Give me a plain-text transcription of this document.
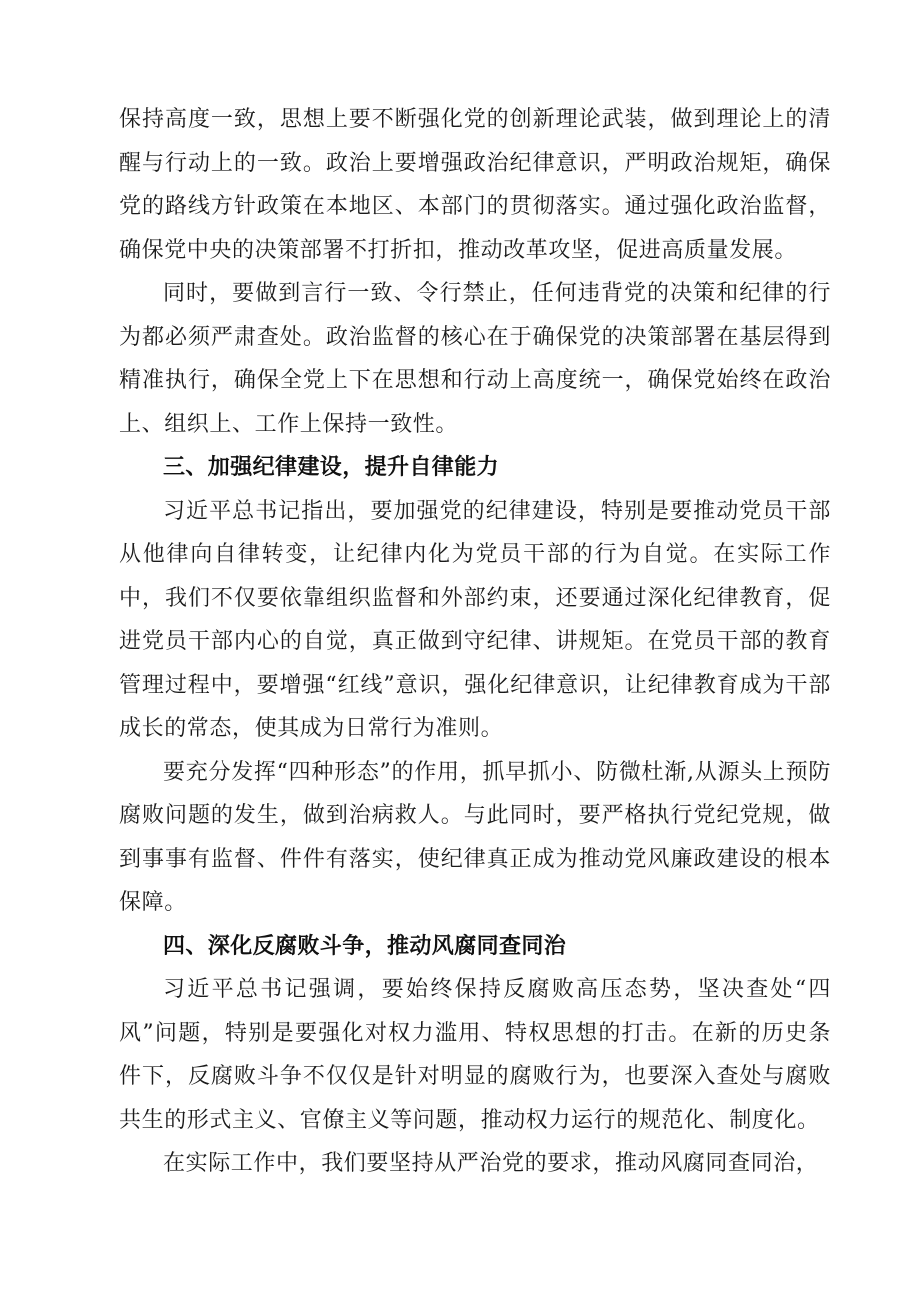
保持高度一致，思想上要不断强化党的创新理论武装，做到理论上的清醒与行动上的一致。政治上要增强政治纪律意识，严明政治规矩，确保党的路线方针政策在本地区、本部门的贯彻落实。通过强化政治监督，确保党中央的决策部署不打折扣，推动改革攻坚，促进高质量发展。

同时，要做到言行一致、令行禁止，任何违背党的决策和纪律的行为都必须严肃查处。政治监督的核心在于确保党的决策部署在基层得到精准执行，确保全党上下在思想和行动上高度统一，确保党始终在政治上、组织上、工作上保持一致性。

三、加强纪律建设，提升自律能力

习近平总书记指出，要加强党的纪律建设，特别是要推动党员干部从他律向自律转变，让纪律内化为党员干部的行为自觉。在实际工作中，我们不仅要依靠组织监督和外部约束，还要通过深化纪律教育，促进党员干部内心的自觉，真正做到守纪律、讲规矩。在党员干部的教育管理过程中，要增强“红线”意识，强化纪律意识，让纪律教育成为干部成长的常态，使其成为日常行为准则。

要充分发挥“四种形态”的作用，抓早抓小、防微杜渐,从源头上预防腐败问题的发生，做到治病救人。与此同时，要严格执行党纪党规，做到事事有监督、件件有落实，使纪律真正成为推动党风廉政建设的根本保障。

四、深化反腐败斗争，推动风腐同查同治

习近平总书记强调，要始终保持反腐败高压态势，坚决查处“四风”问题，特别是要强化对权力滥用、特权思想的打击。在新的历史条件下，反腐败斗争不仅仅是针对明显的腐败行为，也要深入查处与腐败共生的形式主义、官僚主义等问题，推动权力运行的规范化、制度化。

在实际工作中，我们要坚持从严治党的要求，推动风腐同查同治，
